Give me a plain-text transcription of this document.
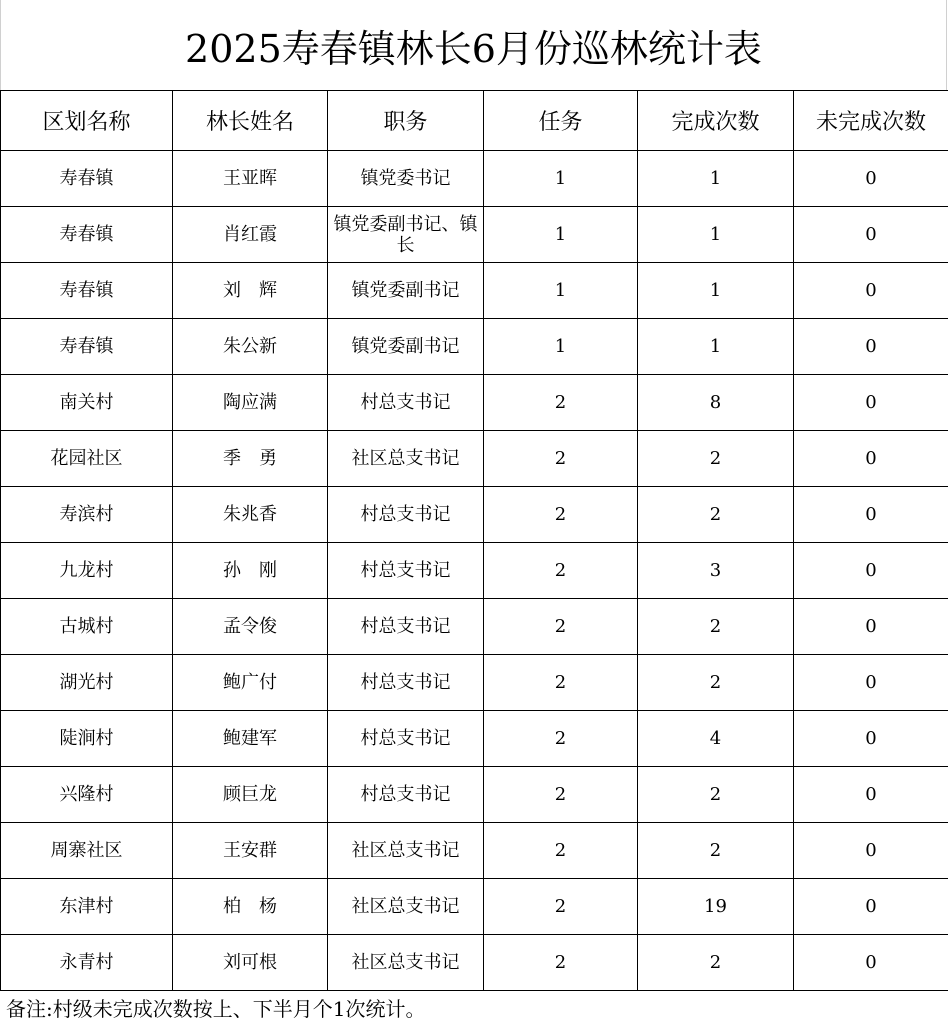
2025寿春镇林长6月份巡林统计表
区划名称	林长姓名	职务	任务	完成次数	未完成次数
寿春镇	王亚晖	镇党委书记	1	1	0
寿春镇	肖红霞	镇党委副书记、镇长	1	1	0
寿春镇	刘　辉	镇党委副书记	1	1	0
寿春镇	朱公新	镇党委副书记	1	1	0
南关村	陶应满	村总支书记	2	8	0
花园社区	季　勇	社区总支书记	2	2	0
寿滨村	朱兆香	村总支书记	2	2	0
九龙村	孙　刚	村总支书记	2	3	0
古城村	孟令俊	村总支书记	2	2	0
湖光村	鲍广付	村总支书记	2	2	0
陡涧村	鲍建军	村总支书记	2	4	0
兴隆村	顾巨龙	村总支书记	2	2	0
周寨社区	王安群	社区总支书记	2	2	0
东津村	柏　杨	社区总支书记	2	19	0
永青村	刘可根	社区总支书记	2	2	0
备注:村级未完成次数按上、下半月个1次统计。
